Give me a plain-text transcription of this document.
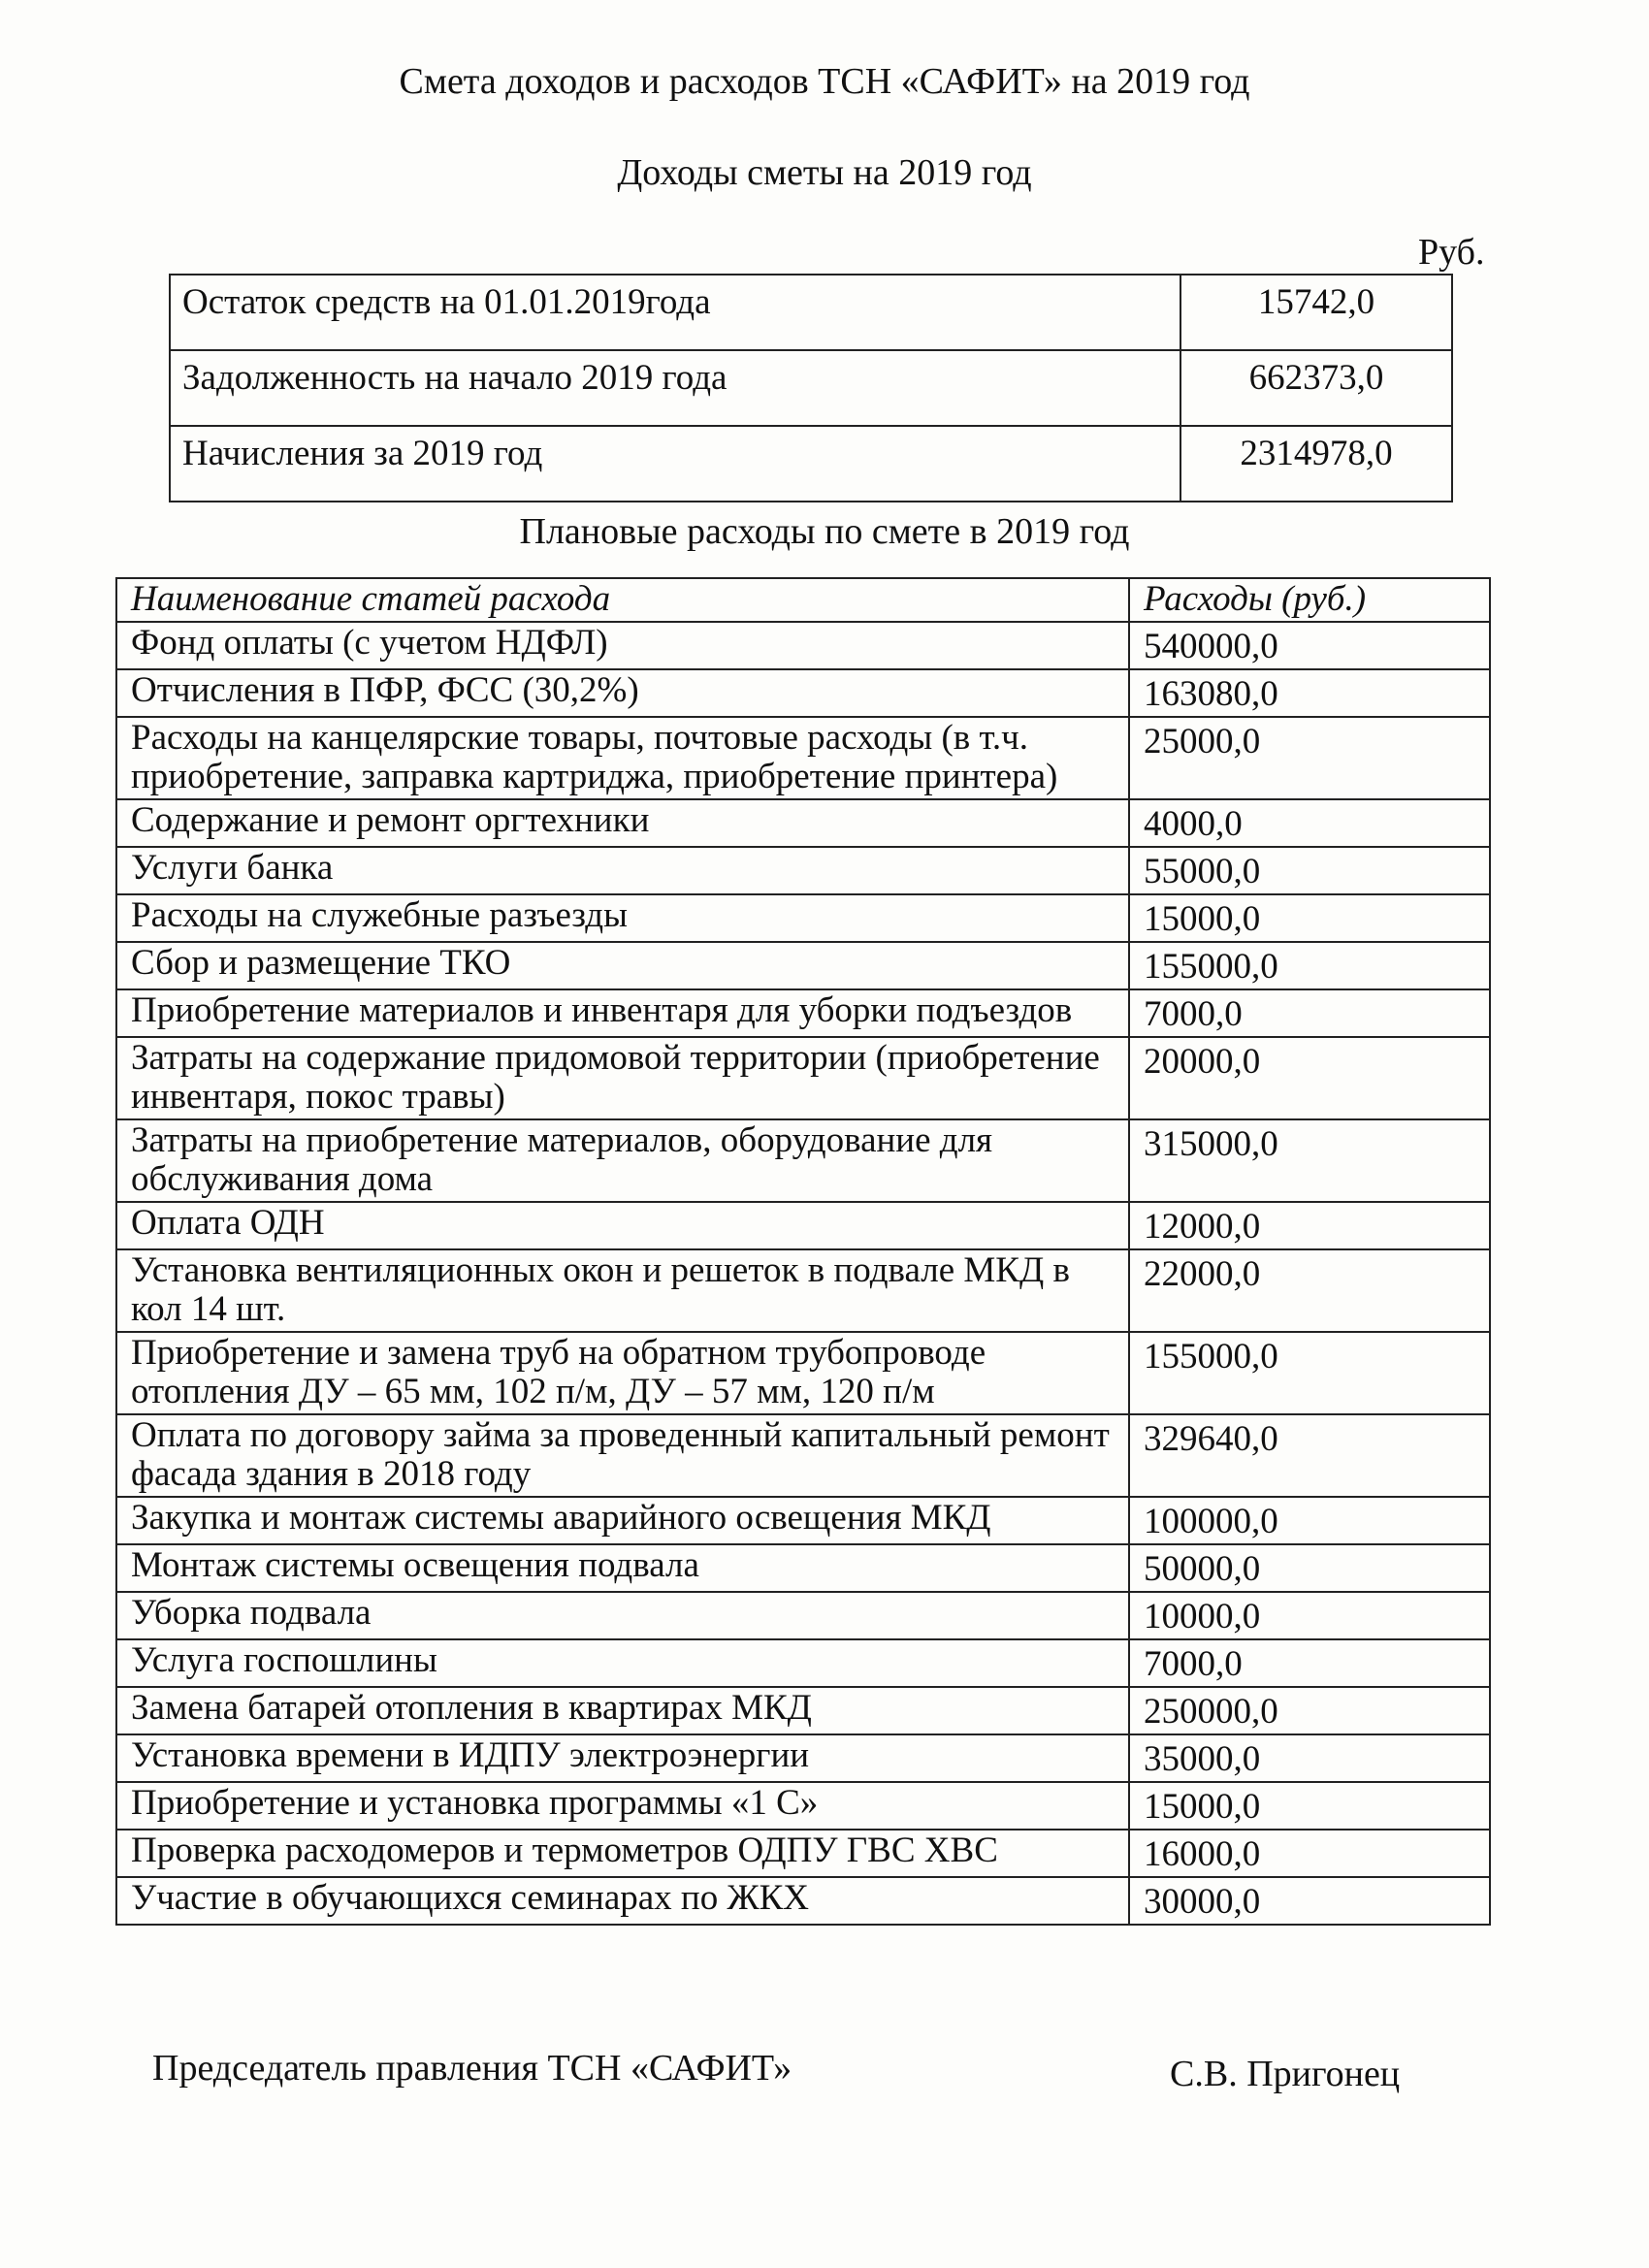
Смета доходов и расходов ТСН «САФИТ» на 2019 год
Доходы сметы на 2019 год
Руб.
Остаток средств на 01.01.2019года	15742,0
Задолженность на начало 2019 года	662373,0
Начисления за 2019 год	2314978,0
Плановые расходы по смете в 2019 год
Наименование статей расхода	Расходы (руб.)
Фонд оплаты (с учетом НДФЛ)	540000,0
Отчисления в ПФР, ФСС (30,2%)	163080,0
Расходы на канцелярские товары, почтовые расходы (в т.ч. приобретение, заправка картриджа, приобретение принтера)	25000,0
Содержание и ремонт оргтехники	4000,0
Услуги банка	55000,0
Расходы на служебные разъезды	15000,0
Сбор и размещение ТКО	155000,0
Приобретение материалов и инвентаря для уборки подъездов	7000,0
Затраты на содержание придомовой территории (приобретение инвентаря, покос травы)	20000,0
Затраты на приобретение материалов, оборудование для обслуживания дома	315000,0
Оплата ОДН	12000,0
Установка вентиляционных окон и решеток в подвале МКД в кол 14 шт.	22000,0
Приобретение и замена труб на обратном трубопроводе отопления ДУ – 65 мм, 102 п/м, ДУ – 57 мм, 120 п/м	155000,0
Оплата по договору займа за проведенный капитальный ремонт фасада здания в 2018 году	329640,0
Закупка и монтаж системы аварийного освещения МКД	100000,0
Монтаж системы освещения подвала	50000,0
Уборка подвала	10000,0
Услуга госпошлины	7000,0
Замена батарей отопления в квартирах МКД	250000,0
Установка времени в ИДПУ электроэнергии	35000,0
Приобретение и установка программы «1 С»	15000,0
Проверка расходомеров и термометров ОДПУ ГВС ХВС	16000,0
Участие в обучающихся семинарах по ЖКХ	30000,0
Председатель правления ТСН «САФИТ»	С.В. Пригонец
